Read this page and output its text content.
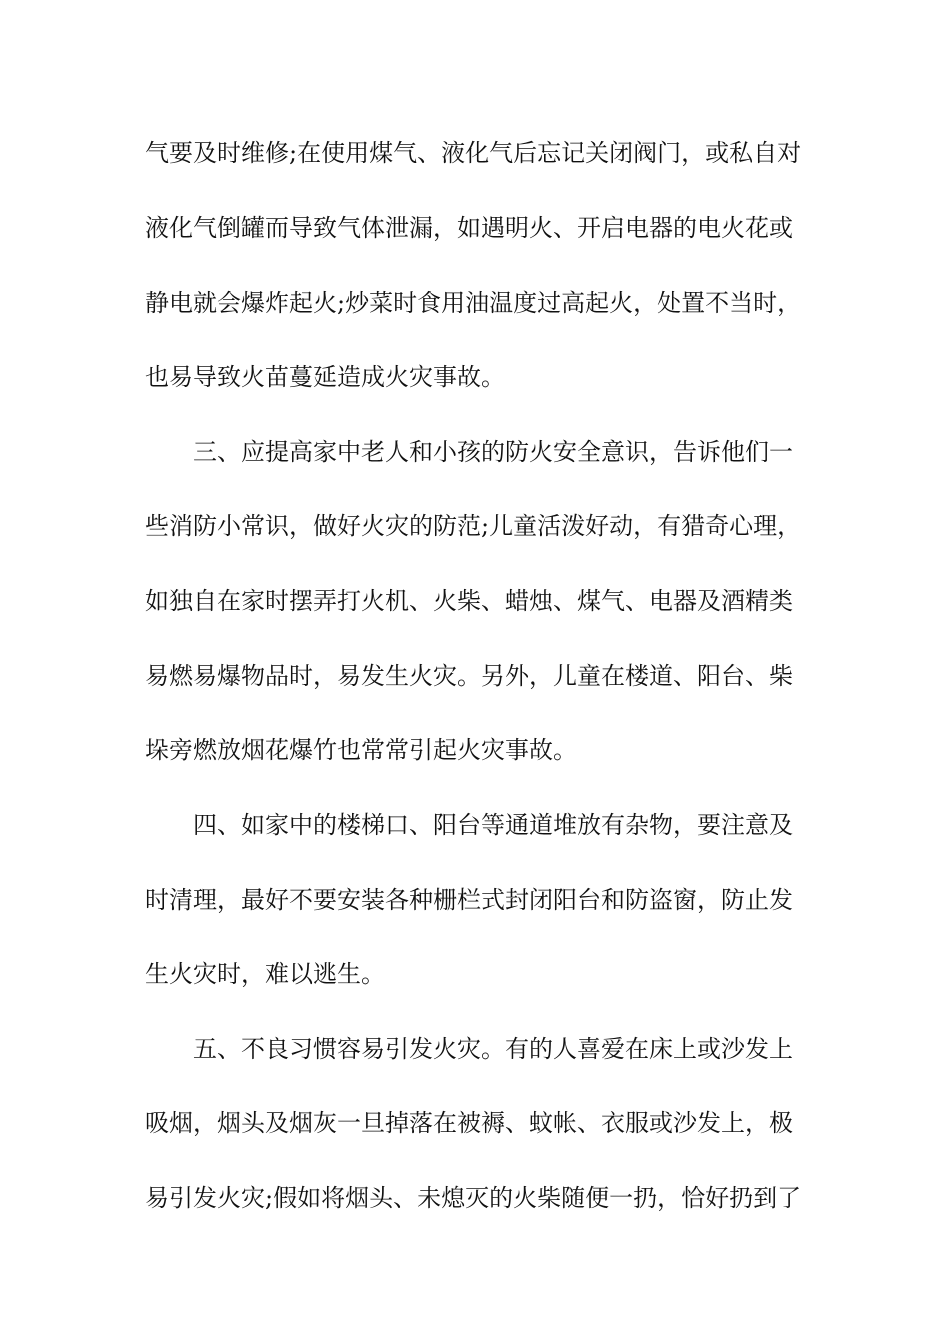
气要及时维修;在使用煤气、液化气后忘记关闭阀门，或私自对
液化气倒罐而导致气体泄漏，如遇明火、开启电器的电火花或
静电就会爆炸起火;炒菜时食用油温度过高起火，处置不当时，
也易导致火苗蔓延造成火灾事故。
三、应提高家中老人和小孩的防火安全意识，告诉他们一
些消防小常识，做好火灾的防范;儿童活泼好动，有猎奇心理，
如独自在家时摆弄打火机、火柴、蜡烛、煤气、电器及酒精类
易燃易爆物品时，易发生火灾。另外，儿童在楼道、阳台、柴
垛旁燃放烟花爆竹也常常引起火灾事故。
四、如家中的楼梯口、阳台等通道堆放有杂物，要注意及
时清理，最好不要安装各种栅栏式封闭阳台和防盗窗，防止发
生火灾时，难以逃生。
五、不良习惯容易引发火灾。有的人喜爱在床上或沙发上
吸烟，烟头及烟灰一旦掉落在被褥、蚊帐、衣服或沙发上，极
易引发火灾;假如将烟头、未熄灭的火柴随便一扔，恰好扔到了
